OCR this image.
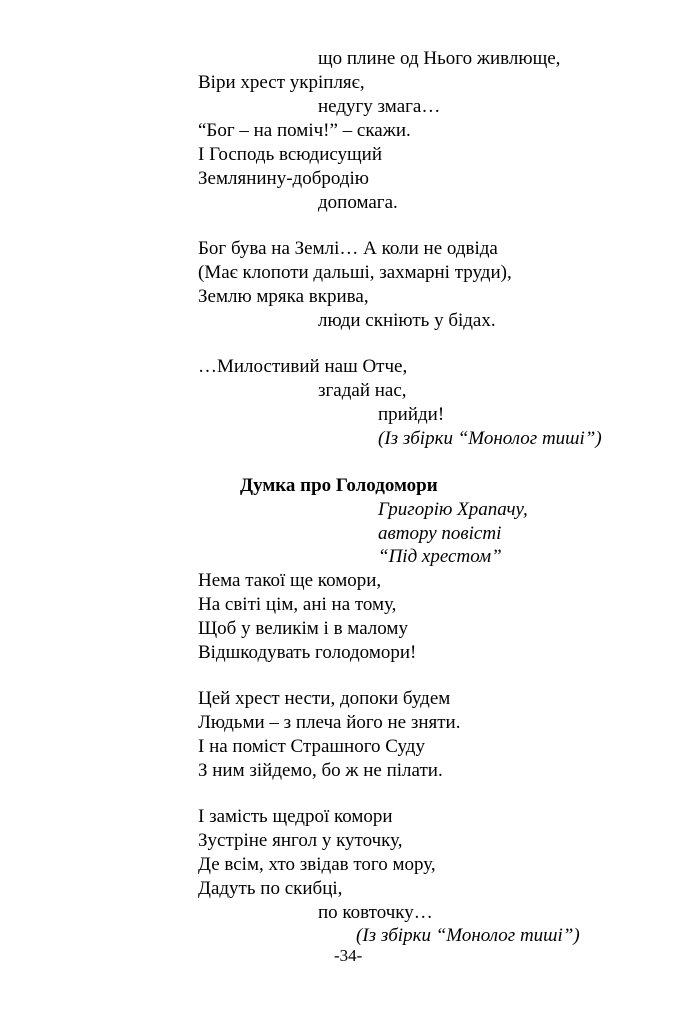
що плине од Нього живлюще,
Віри хрест укріпляє,
недугу змага…
“Бог – на поміч!” – скажи.
І Господь всюдисущий
Землянину-добродію
допомага.
Бог бува на Землі… А коли не одвіда
(Має клопоти дальші, захмарні труди),
Землю мряка вкрива,
люди скніють у бідах.
…Милостивий наш Отче,
згадай нас,
прийди!
(Із збірки “Монолог тиші”)
Думка про Голодомори
Григорію Храпачу,
автору повісті
“Під хрестом”
Нема такої ще комори,
На світі цім, ані на тому,
Щоб у великім і в малому
Відшкодувать голодомори!
Цей хрест нести, допоки будем
Людьми – з плеча його не зняти.
І на поміст Страшного Суду
З ним зійдемо, бо ж не пілати.
І замість щедрої комори
Зустріне янгол у куточку,
Де всім, хто звідав того мору,
Дадуть по скибці,
по ковточку…
(Із збірки “Монолог тиші”)
-34-
